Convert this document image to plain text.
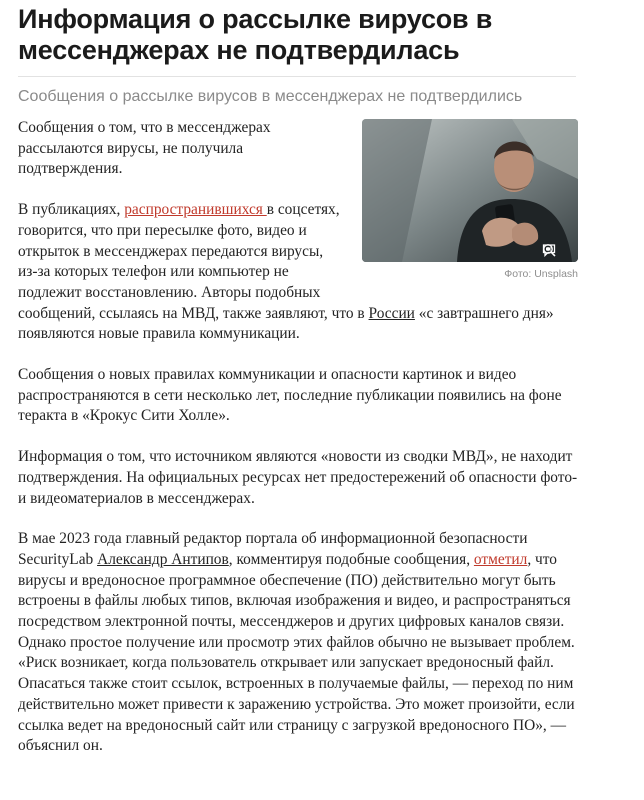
Информация о рассылке вирусов в мессенджерах не подтвердилась
Сообщения о рассылке вирусов в мессенджерах не подтвердились
Фото: Unsplash

Сообщения о том, что в мессенджерах рассылаются вирусы, не получила подтверждения.

В публикациях, распространившихся в соцсетях, говорится, что при пересылке фото, видео и открыток в мессенджерах передаются вирусы, из-за которых телефон или компьютер не подлежит восстановлению. Авторы подобных сообщений, ссылаясь на МВД, также заявляют, что в России «с завтрашнего дня» появляются новые правила коммуникации.

Сообщения о новых правилах коммуникации и опасности картинок и видео распространяются в сети несколько лет, последние публикации появились на фоне теракта в «Крокус Сити Холле».

Информация о том, что источником являются «новости из сводки МВД», не находит подтверждения. На официальных ресурсах нет предостережений об опасности фото- и видеоматериалов в мессенджерах.

В мае 2023 года главный редактор портала об информационной безопасности SecurityLab Александр Антипов, комментируя подобные сообщения, отметил, что вирусы и вредоносное программное обеспечение (ПО) действительно могут быть встроены в файлы любых типов, включая изображения и видео, и распространяться посредством электронной почты, мессенджеров и других цифровых каналов связи. Однако простое получение или просмотр этих файлов обычно не вызывает проблем. «Риск возникает, когда пользователь открывает или запускает вредоносный файл. Опасаться также стоит ссылок, встроенных в получаемые файлы, — переход по ним действительно может привести к заражению устройства. Это может произойти, если ссылка ведет на вредоносный сайт или страницу с загрузкой вредоносного ПО», — объяснил он.
